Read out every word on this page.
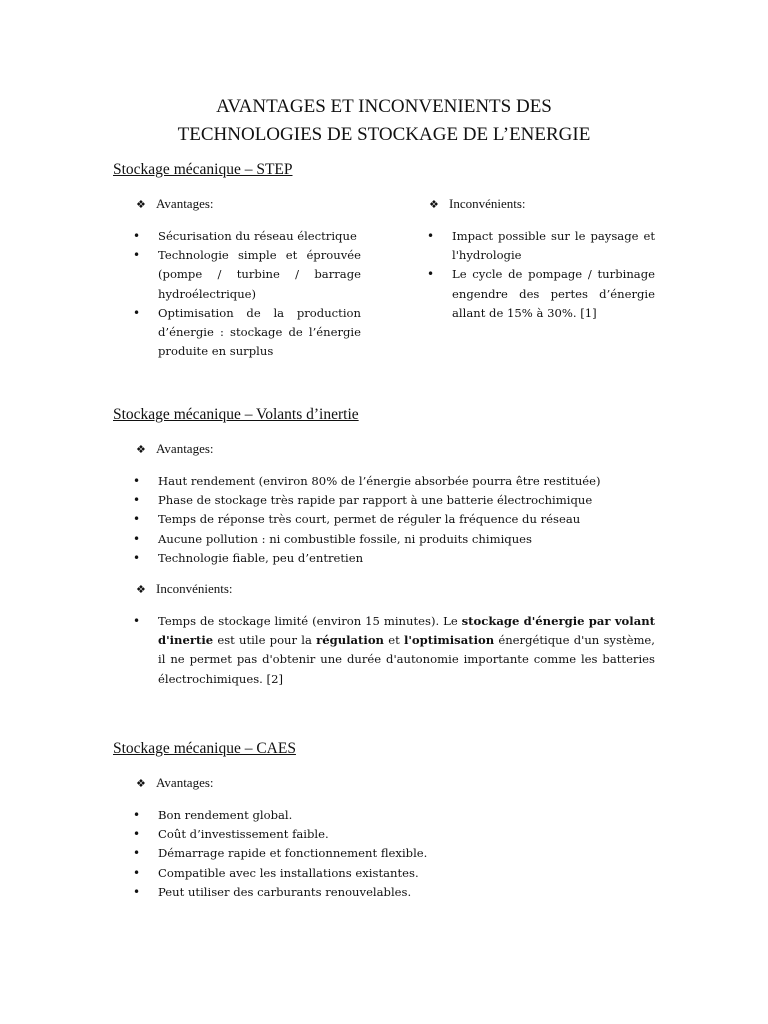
AVANTAGES ET INCONVENIENTS DES
TECHNOLOGIES DE STOCKAGE DE L’ENERGIE
Stockage mécanique – STEP
❖ Avantages:	❖ Inconvénients:
• Sécurisation du réseau électrique
• Technologie simple et éprouvée (pompe / turbine / barrage hydroélectrique)
• Optimisation de la production d’énergie : stockage de l’énergie produite en surplus
• Impact possible sur le paysage et l'hydrologie
• Le cycle de pompage / turbinage engendre des pertes d’énergie allant de 15% à 30%. [1]
Stockage mécanique – Volants d’inertie
❖ Avantages:
• Haut rendement (environ 80% de l’énergie absorbée pourra être restituée)
• Phase de stockage très rapide par rapport à une batterie électrochimique
• Temps de réponse très court, permet de réguler la fréquence du réseau
• Aucune pollution : ni combustible fossile, ni produits chimiques
• Technologie fiable, peu d’entretien
❖ Inconvénients:
• Temps de stockage limité (environ 15 minutes). Le stockage d'énergie par volant d'inertie est utile pour la régulation et l'optimisation énergétique d'un système, il ne permet pas d'obtenir une durée d'autonomie importante comme les batteries électrochimiques. [2]
Stockage mécanique – CAES
❖ Avantages:
• Bon rendement global.
• Coût d’investissement faible.
• Démarrage rapide et fonctionnement flexible.
• Compatible avec les installations existantes.
• Peut utiliser des carburants renouvelables.
